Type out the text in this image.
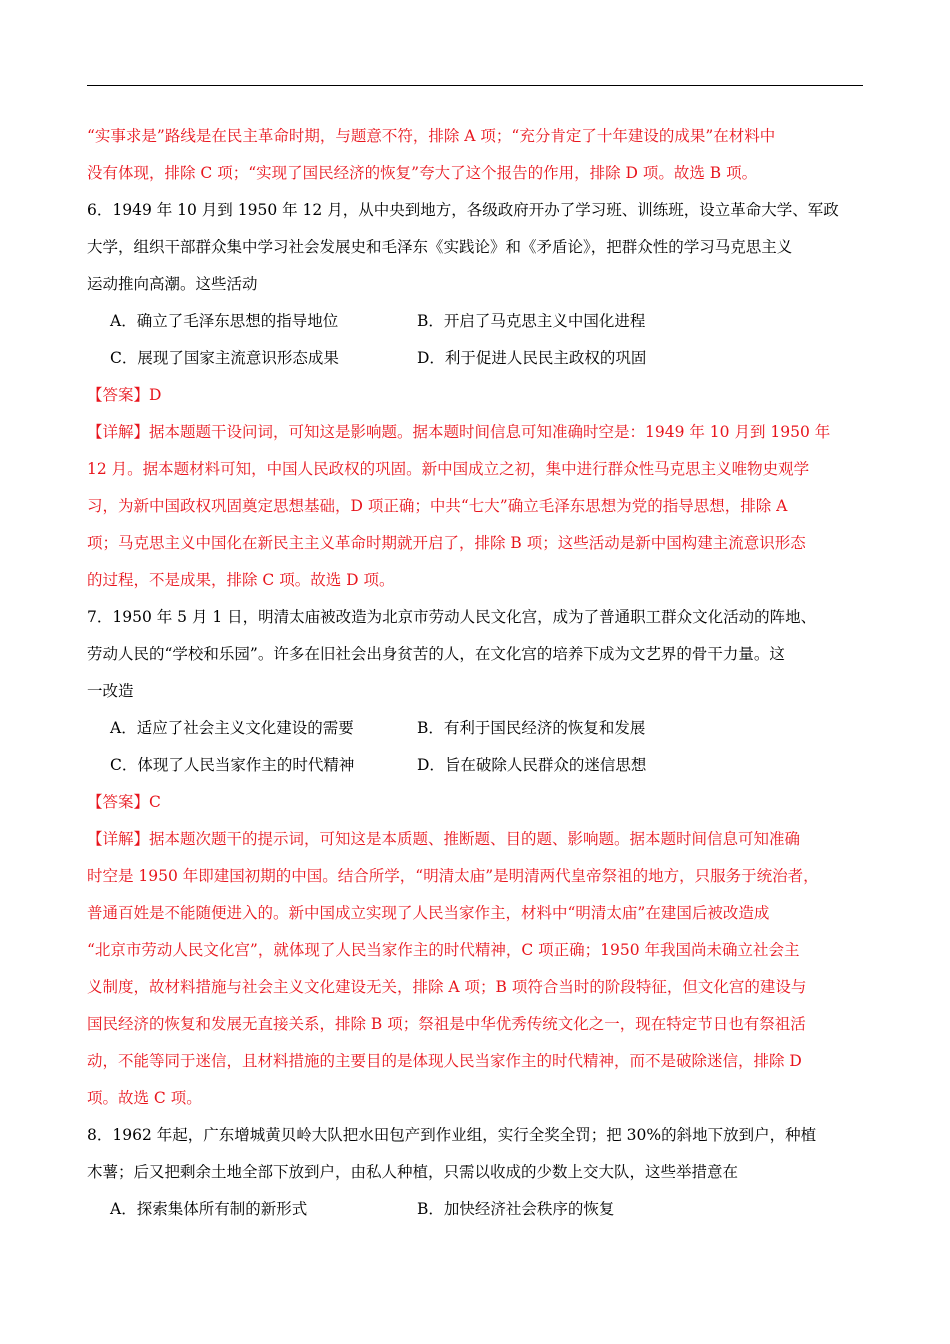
“实事求是”路线是在民主革命时期，与题意不符，排除 A 项；“充分肯定了十年建设的成果”在材料中
没有体现，排除 C 项；“实现了国民经济的恢复”夸大了这个报告的作用，排除 D 项。故选 B 项。
6．1949 年 10 月到 1950 年 12 月，从中央到地方，各级政府开办了学习班、训练班，设立革命大学、军政
大学，组织干部群众集中学习社会发展史和毛泽东《实践论》和《矛盾论》，把群众性的学习马克思主义
运动推向高潮。这些活动
A．确立了毛泽东思想的指导地位	B．开启了马克思主义中国化进程
C．展现了国家主流意识形态成果	D．利于促进人民民主政权的巩固
【答案】D
【详解】据本题题干设问词，可知这是影响题。据本题时间信息可知准确时空是：1949 年 10 月到 1950 年
12 月。据本题材料可知，中国人民政权的巩固。新中国成立之初，集中进行群众性马克思主义唯物史观学
习，为新中国政权巩固奠定思想基础，D 项正确；中共“七大”确立毛泽东思想为党的指导思想，排除 A
项；马克思主义中国化在新民主主义革命时期就开启了，排除 B 项；这些活动是新中国构建主流意识形态
的过程，不是成果，排除 C 项。故选 D 项。
7．1950 年 5 月 1 日，明清太庙被改造为北京市劳动人民文化宫，成为了普通职工群众文化活动的阵地、
劳动人民的“学校和乐园”。许多在旧社会出身贫苦的人，在文化宫的培养下成为文艺界的骨干力量。这
一改造
A．适应了社会主义文化建设的需要	B．有利于国民经济的恢复和发展
C．体现了人民当家作主的时代精神	D．旨在破除人民群众的迷信思想
【答案】C
【详解】据本题次题干的提示词，可知这是本质题、推断题、目的题、影响题。据本题时间信息可知准确
时空是 1950 年即建国初期的中国。结合所学，“明清太庙”是明清两代皇帝祭祖的地方，只服务于统治者，
普通百姓是不能随便进入的。新中国成立实现了人民当家作主，材料中“明清太庙”在建国后被改造成
“北京市劳动人民文化宫”，就体现了人民当家作主的时代精神，C 项正确；1950 年我国尚未确立社会主
义制度，故材料措施与社会主义文化建设无关，排除 A 项；B 项符合当时的阶段特征，但文化宫的建设与
国民经济的恢复和发展无直接关系，排除 B 项；祭祖是中华优秀传统文化之一，现在特定节日也有祭祖活
动，不能等同于迷信，且材料措施的主要目的是体现人民当家作主的时代精神，而不是破除迷信，排除 D
项。故选 C 项。
8．1962 年起，广东增城黄贝岭大队把水田包产到作业组，实行全奖全罚；把 30%的斜地下放到户，种植
木薯；后又把剩余土地全部下放到户，由私人种植，只需以收成的少数上交大队，这些举措意在
A．探索集体所有制的新形式	B．加快经济社会秩序的恢复
